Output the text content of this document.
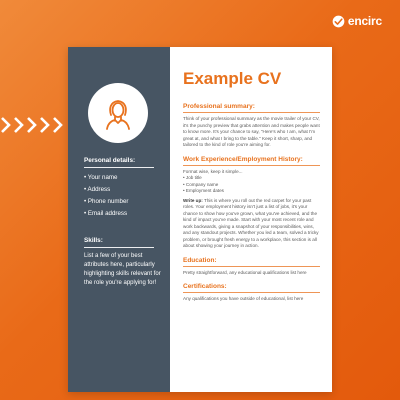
encirc

Personal details:

• Your name
• Address
• Phone number
• Email address

Skills:

List a few of your best attributes here, particularly highlighting skills relevant for the role you're applying for!

Example CV

Professional summary:

Think of your professional summary as the movie trailer of your CV, it's the punchy preview that grabs attention and makes people want to know more. It's your chance to say, "Here's who I am, what I'm great at, and what I bring to the table." Keep it short, sharp, and tailored to the kind of role you're aiming for.

Work Experience/Employment History:

Format wise, keep it simple...

• Job title
• Company name
• Employment dates

Write up: This is where you roll out the red carpet for your past roles. Your employment history isn't just a list of jobs, it's your chance to show how you've grown, what you've achieved, and the kind of impact you've made. Start with your most recent role and work backwards, giving a snapshot of your responsibilities, wins, and any standout projects. Whether you led a team, solved a tricky problem, or brought fresh energy to a workplace, this section is all about showing your journey in action.

Education:

Pretty straightforward, any educational qualifications list here

Certifications:

Any qualifications you have outside of educational, list here
